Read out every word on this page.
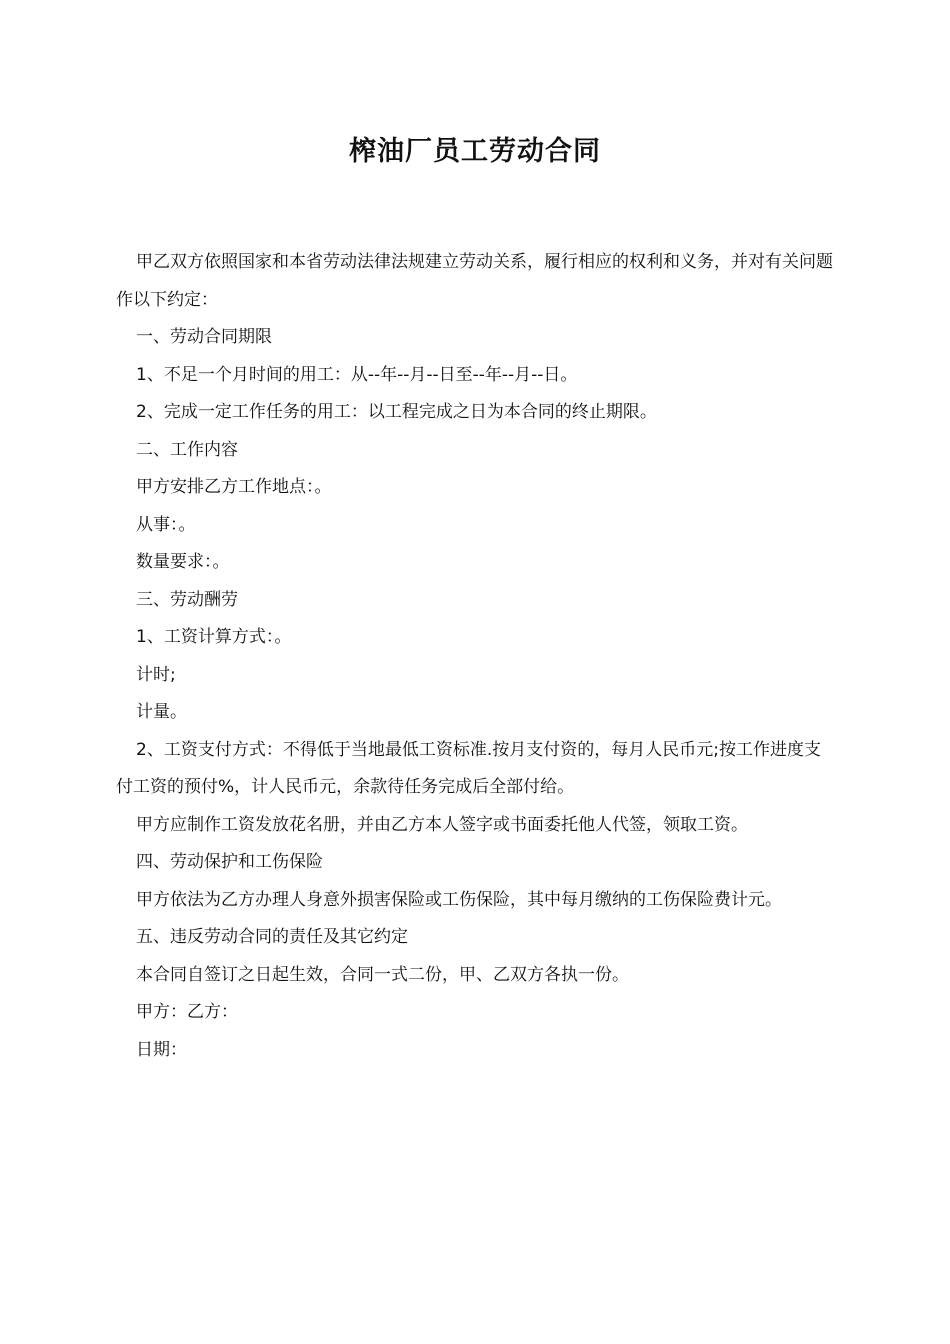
榨油厂员工劳动合同

甲乙双方依照国家和本省劳动法律法规建立劳动关系，履行相应的权利和义务，并对有关问题作以下约定：

一、劳动合同期限

1、不足一个月时间的用工：从--年--月--日至--年--月--日。

2、完成一定工作任务的用工：以工程完成之日为本合同的终止期限。

二、工作内容

甲方安排乙方工作地点：。

从事：。

数量要求：。

三、劳动酬劳

1、工资计算方式：。

计时;

计量。

2、工资支付方式：不得低于当地最低工资标准.按月支付资的，每月人民币元;按工作进度支付工资的预付%，计人民币元，余款待任务完成后全部付给。

甲方应制作工资发放花名册，并由乙方本人签字或书面委托他人代签，领取工资。

四、劳动保护和工伤保险

甲方依法为乙方办理人身意外损害保险或工伤保险，其中每月缴纳的工伤保险费计元。

五、违反劳动合同的责任及其它约定

本合同自签订之日起生效，合同一式二份，甲、乙双方各执一份。

甲方：乙方：

日期：
